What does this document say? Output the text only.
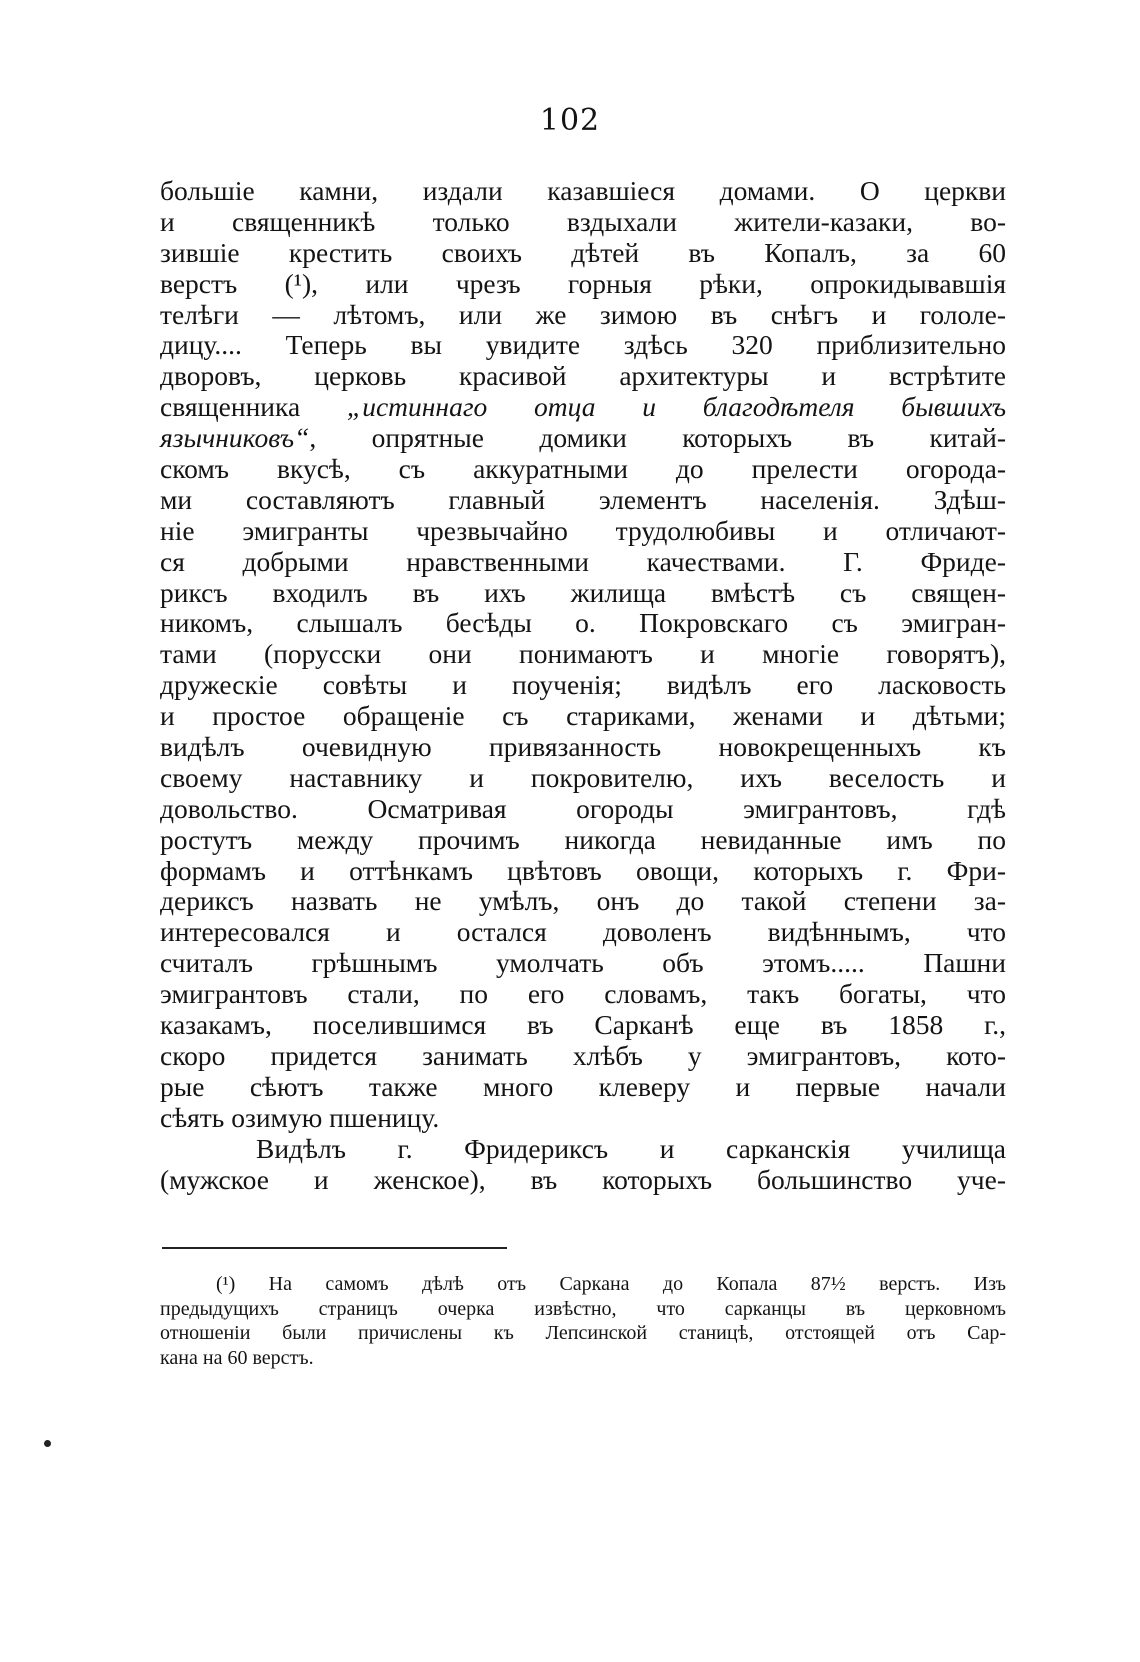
102
большіе камни, издали казавшіеся домами. О церкви
и священникѣ только вздыхали жители-казаки, во-
зившіе крестить своихъ дѣтей въ Копалъ, за 60
верстъ (¹), или чрезъ горныя рѣки, опрокидывавшія
телѣги — лѣтомъ, или же зимою въ снѣгъ и гололе-
дицу.... Теперь вы увидите здѣсь 320 приблизительно
дворовъ, церковь красивой архитектуры и встрѣтите
священника „истиннаго отца и благодѣтеля бывшихъ
язычниковъ“, опрятные домики которыхъ въ китай-
скомъ вкусѣ, съ аккуратными до прелести огорода-
ми составляютъ главный элементъ населенія. Здѣш-
ніе эмигранты чрезвычайно трудолюбивы и отличают-
ся добрыми нравственными качествами. Г. Фриде-
риксъ входилъ въ ихъ жилища вмѣстѣ съ священ-
никомъ, слышалъ бесѣды о. Покровскаго съ эмигран-
тами (порусски они понимаютъ и многіе говорятъ),
дружескіе совѣты и поученія; видѣлъ его ласковость
и простое обращеніе съ стариками, женами и дѣтьми;
видѣлъ очевидную привязанность новокрещенныхъ къ
своему наставнику и покровителю, ихъ веселость и
довольство. Осматривая огороды эмигрантовъ, гдѣ
ростутъ между прочимъ никогда невиданные имъ по
формамъ и оттѣнкамъ цвѣтовъ овощи, которыхъ г. Фри-
дериксъ назвать не умѣлъ, онъ до такой степени за-
интересовался и остался доволенъ видѣннымъ, что
считалъ грѣшнымъ умолчать объ этомъ..... Пашни
эмигрантовъ стали, по его словамъ, такъ богаты, что
казакамъ, поселившимся въ Сарканѣ еще въ 1858 г.,
скоро придется занимать хлѣбъ у эмигрантовъ, кото-
рые сѣютъ также много клеверу и первые начали
сѣять озимую пшеницу.
Видѣлъ г. Фридериксъ и сарканскія училища
(мужское и женское), въ которыхъ большинство уче-
(¹) На самомъ дѣлѣ отъ Саркана до Копала 87½ верстъ. Изъ
предыдущихъ страницъ очерка извѣстно, что сарканцы въ церковномъ
отношеніи были причислены къ Лепсинской станицѣ, отстоящей отъ Сар-
кана на 60 верстъ.
